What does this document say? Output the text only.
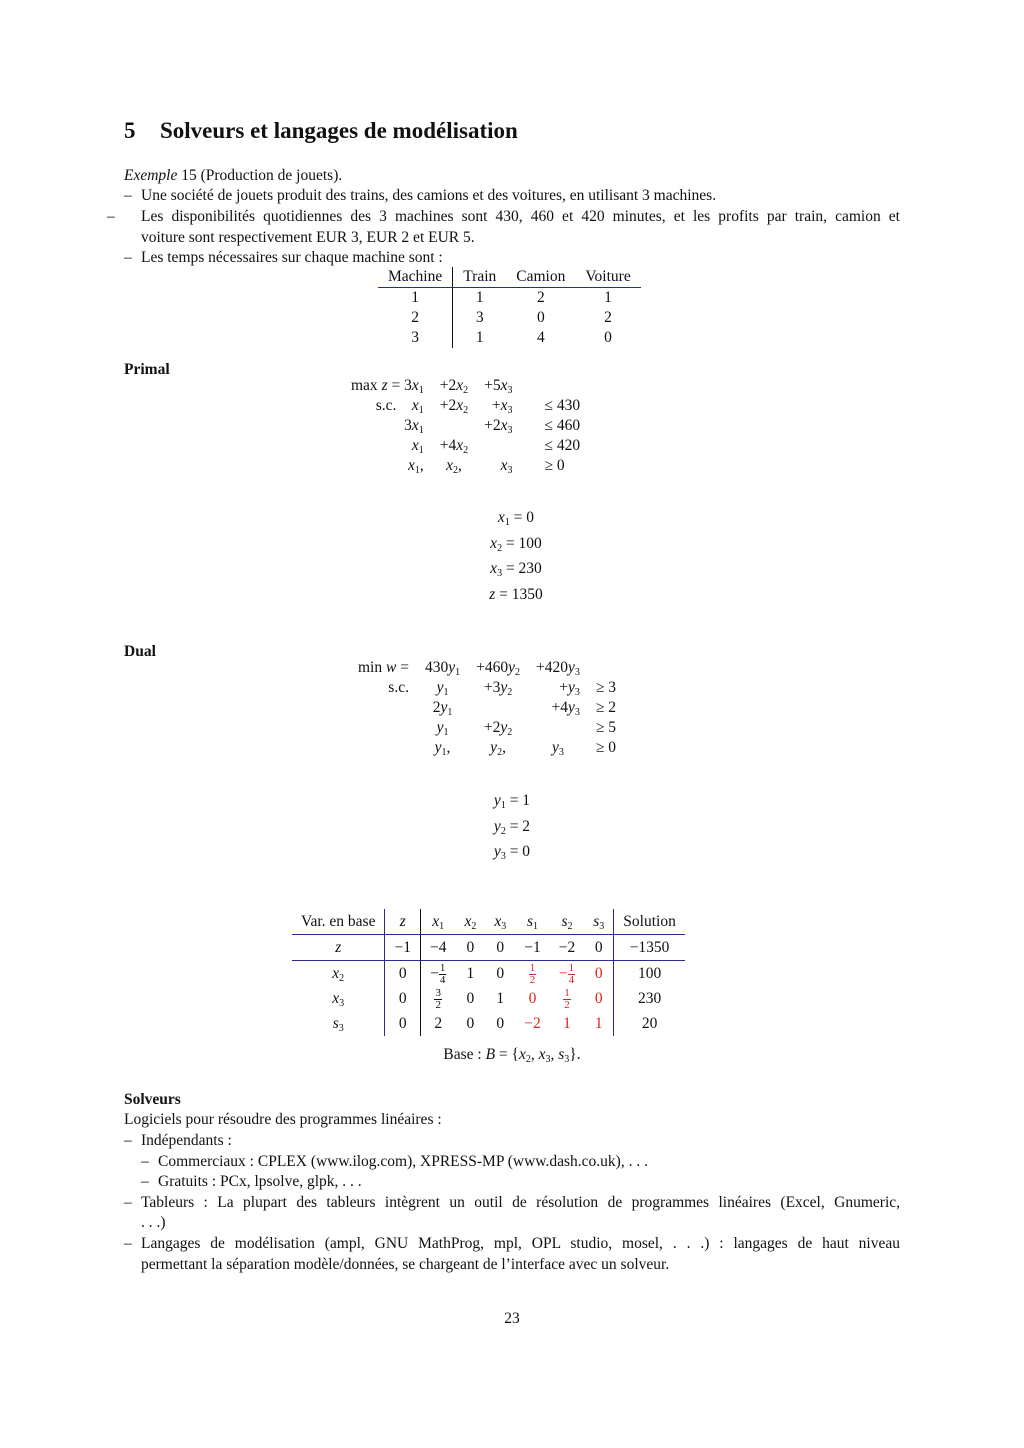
5 Solveurs et langages de modélisation
Exemple 15 (Production de jouets).
– Une société de jouets produit des trains, des camions et des voitures, en utilisant 3 machines.
– Les disponibilités quotidiennes des 3 machines sont 430, 460 et 420 minutes, et les profits par train, camion et
voiture sont respectivement EUR 3, EUR 2 et EUR 5.
– Les temps nécessaires sur chaque machine sont :
Machine	Train	Camion	Voiture
1	1	2	1
2	3	0	2
3	1	4	0
Primal
$\max z = 3x_1$	$+2x_2$	$+5x_3$		
s.c. $x_1$	$+2x_2$	$+x_3$		≤ 430
$3x_1$		$+2x_3$		≤ 460
$x_1$	$+4x_2$			≤ 420
$x_1$,	$x_2$,	$x_3$		≥ 0
$x_1 = 0$
$x_2 = 100$
$x_3 = 230$
z = 1350
Dual
min w =	$430y_1$	$+460y_2$	$+420y_3$	
s.c.	$y_1$	$+3y_2$	$+y_3$	≥ 3
	$2y_1$		$+4y_3$	≥ 2
	$y_1$	$+2y_2$		≥ 5
	$y_1$,	$y_2$,	$y_3$	≥ 0
$y_1 = 1$
$y_2 = 2$
$y_3 = 0$
Var. en base	z	$x_1$	$x_2$	$x_3$	$s_1$	$s_2$	$s_3$	Solution
z	−1	−4	0	0	−1	−2	0	−1350
$x_2$	0	− $\frac{1}{4}$	1	0	$\frac{1}{2}$	− $\frac{1}{4}$	0	100
$x_3$	0	$\frac{3}{2}$	0	1	0	$\frac{1}{2}$	0	230
$s_3$	0	2	0	0	−2	1	1	20
Base : $B = \{x_2$, $x_3$, $s_3$}.
Solveurs
Logiciels pour résoudre des programmes linéaires :
– Indépendants :
– Commerciaux : CPLEX (www.ilog.com), XPRESS-MP (www.dash.co.uk), . . .
– Gratuits : PCx, lpsolve, glpk, . . .
– Tableurs : La plupart des tableurs intègrent un outil de résolution de programmes linéaires (Excel, Gnumeric,
. . .)
– Langages de modélisation (ampl, GNU MathProg, mpl, OPL studio, mosel, . . .) : langages de haut niveau
permettant la séparation modèle/données, se chargeant de l’interface avec un solveur.
23
